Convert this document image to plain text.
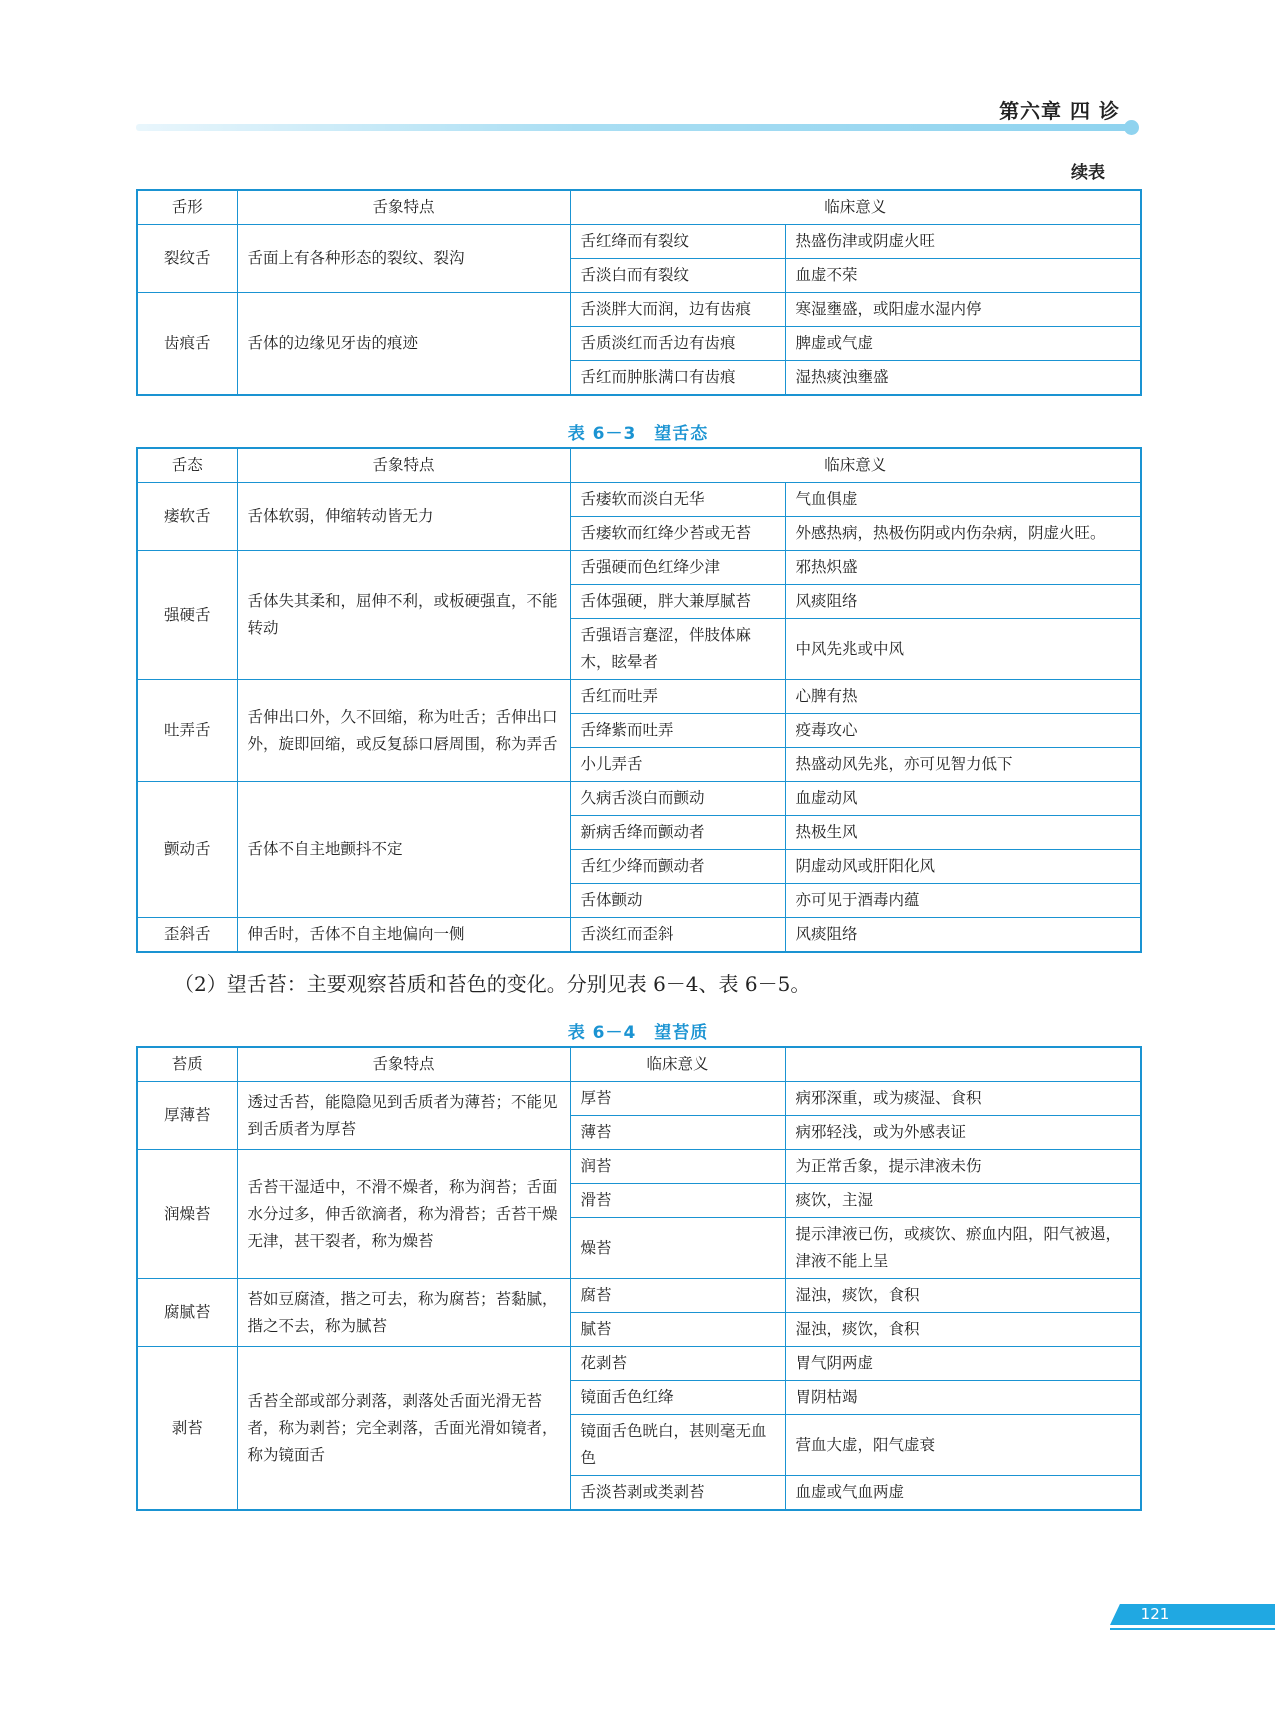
第六章 四 诊
续表
舌形	舌象特点	临床意义	
裂纹舌	舌面上有各种形态的裂纹、裂沟	舌红绛而有裂纹	热盛伤津或阴虚火旺
		舌淡白而有裂纹	血虚不荣
齿痕舌	舌体的边缘见牙齿的痕迹	舌淡胖大而润，边有齿痕	寒湿壅盛，或阳虚水湿内停
		舌质淡红而舌边有齿痕	脾虚或气虚
		舌红而肿胀满口有齿痕	湿热痰浊壅盛
表 6－3　望舌态
舌态	舌象特点	临床意义	
痿软舌	舌体软弱，伸缩转动皆无力	舌痿软而淡白无华	气血俱虚
		舌痿软而红绛少苔或无苔	外感热病，热极伤阴或内伤杂病，阴虚火旺。
强硬舌	舌体失其柔和，屈伸不利，或板硬强直，不能转动	舌强硬而色红绛少津	邪热炽盛
		舌体强硬，胖大兼厚腻苔	风痰阻络
		舌强语言蹇涩，伴肢体麻木，眩晕者	中风先兆或中风
吐弄舌	舌伸出口外，久不回缩，称为吐舌；舌伸出口外，旋即回缩，或反复舔口唇周围，称为弄舌	舌红而吐弄	心脾有热
		舌绛紫而吐弄	疫毒攻心
		小儿弄舌	热盛动风先兆，亦可见智力低下
颤动舌	舌体不自主地颤抖不定	久病舌淡白而颤动	血虚动风
		新病舌绛而颤动者	热极生风
		舌红少绛而颤动者	阴虚动风或肝阳化风
		舌体颤动	亦可见于酒毒内蕴
歪斜舌	伸舌时，舌体不自主地偏向一侧	舌淡红而歪斜	风痰阻络
（2）望舌苔：主要观察苔质和苔色的变化。分别见表 6－4、表 6－5。
表 6－4　望苔质
苔质	舌象特点	临床意义	
厚薄苔	透过舌苔，能隐隐见到舌质者为薄苔；不能见到舌质者为厚苔	厚苔	病邪深重，或为痰湿、食积
		薄苔	病邪轻浅，或为外感表证
润燥苔	舌苔干湿适中，不滑不燥者，称为润苔；舌面水分过多，伸舌欲滴者，称为滑苔；舌苔干燥无津，甚干裂者，称为燥苔	润苔	为正常舌象，提示津液未伤
		滑苔	痰饮，主湿
		燥苔	提示津液已伤，或痰饮、瘀血内阻，阳气被遏，津液不能上呈
腐腻苔	苔如豆腐渣，揩之可去，称为腐苔；苔黏腻，揩之不去，称为腻苔	腐苔	湿浊，痰饮，食积
		腻苔	湿浊，痰饮，食积
剥苔	舌苔全部或部分剥落，剥落处舌面光滑无苔者，称为剥苔；完全剥落，舌面光滑如镜者，称为镜面舌	花剥苔	胃气阴两虚
		镜面舌色红绛	胃阴枯竭
		镜面舌色晄白，甚则毫无血色	营血大虚，阳气虚衰
		舌淡苔剥或类剥苔	血虚或气血两虚
121
